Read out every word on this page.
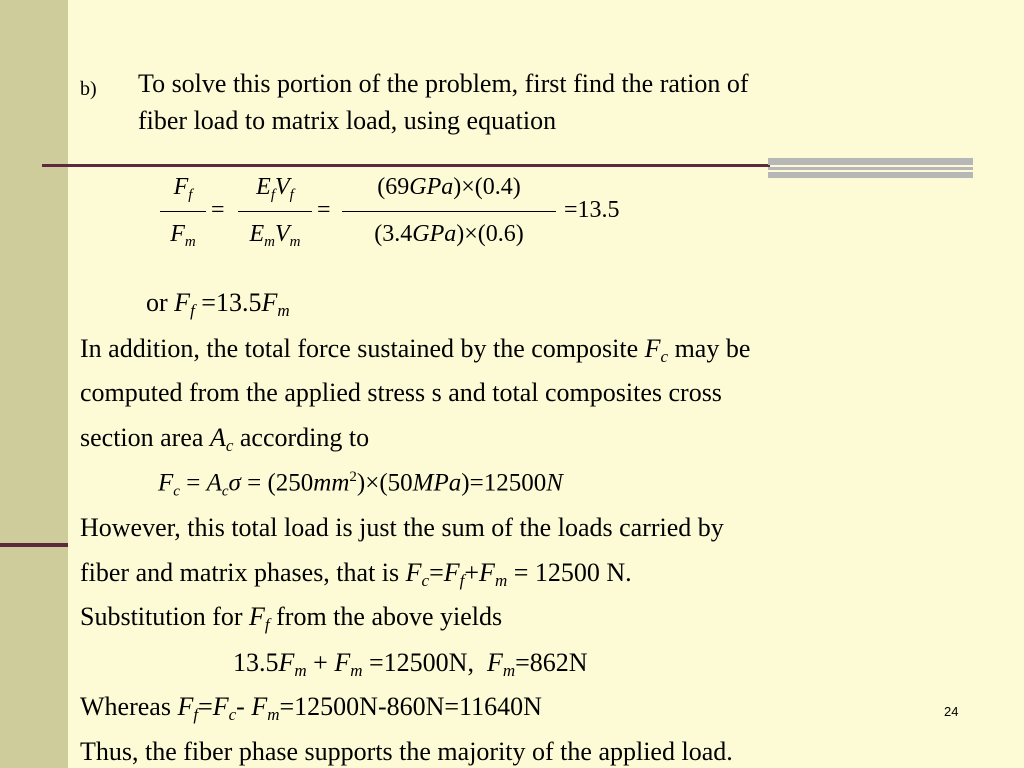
b) To solve this portion of the problem, first find the ration of
fiber load to matrix load, using equation
$F_f$
$F_m$
=
$E_fV_f$
$E_mV_m$
=
(69GPa)×(0.4)
(3.4GPa)×(0.6)
=13.5
or $F_f =13.5F_m$
In addition, the total force sustained by the composite $F_c$ may be
computed from the applied stress s and total composites cross
section area $A_c$ according to
$F_c = A_c\sigma = (250mm^2)\times(50MPa)=12500N$
However, this total load is just the sum of the loads carried by
fiber and matrix phases, that is $F_c=F_f+F_m = 12500$ N.
Substitution for $F_f$ from the above yields
$13.5F_m + F_m =12500N$,  $F_m=862N$
Whereas $F_f=F_c-$ $F_m=12500N-860N=11640N$
Thus, the fiber phase supports the majority of the applied load.
24
